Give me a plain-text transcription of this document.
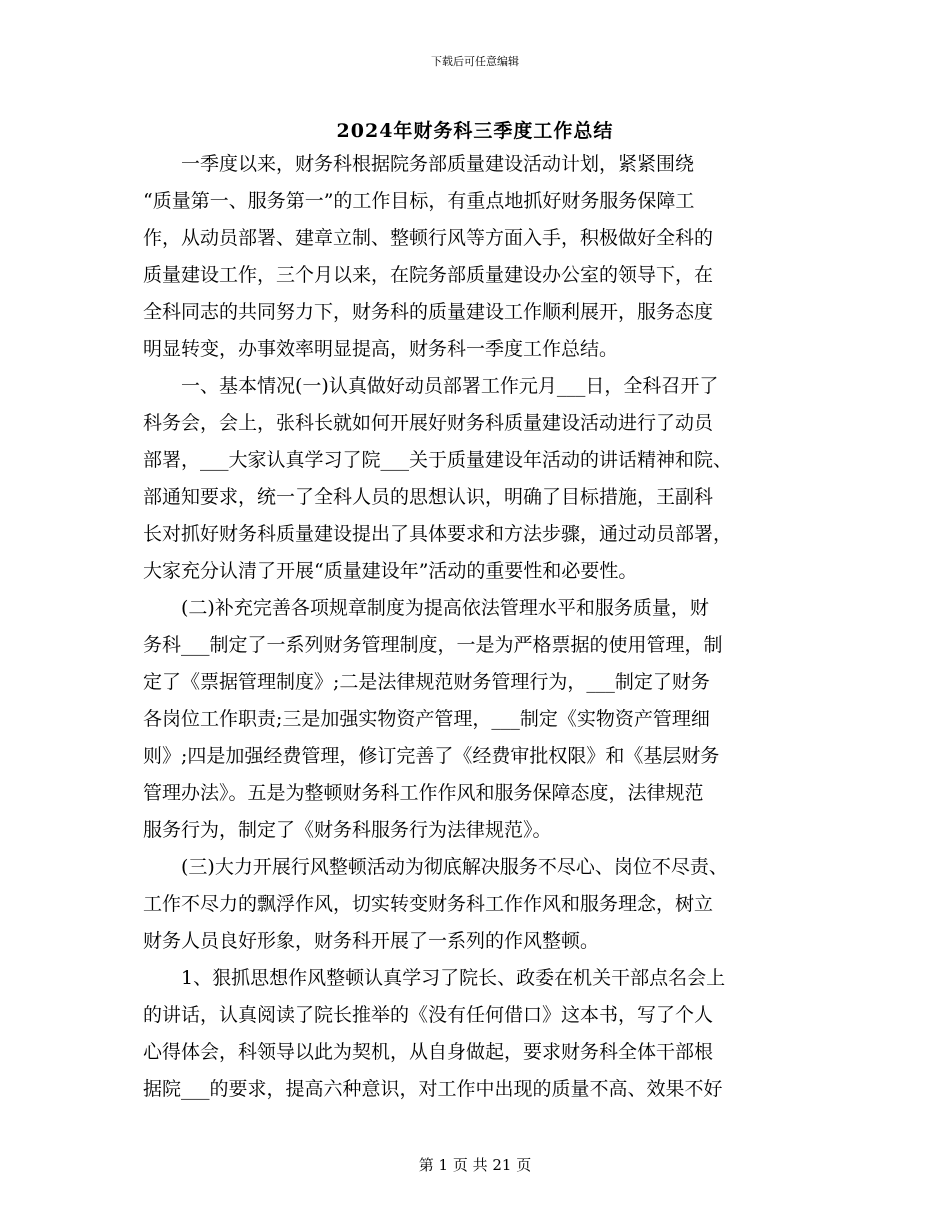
下载后可任意编辑
2024年财务科三季度工作总结
一季度以来，财务科根据院务部质量建设活动计划，紧紧围绕
“质量第一、服务第一”的工作目标，有重点地抓好财务服务保障工
作，从动员部署、建章立制、整顿行风等方面入手，积极做好全科的
质量建设工作，三个月以来，在院务部质量建设办公室的领导下，在
全科同志的共同努力下，财务科的质量建设工作顺利展开，服务态度
明显转变，办事效率明显提高，财务科一季度工作总结。
一、基本情况(一)认真做好动员部署工作元月___日，全科召开了
科务会，会上，张科长就如何开展好财务科质量建设活动进行了动员
部署，___大家认真学习了院___关于质量建设年活动的讲话精神和院、
部通知要求，统一了全科人员的思想认识，明确了目标措施，王副科
长对抓好财务科质量建设提出了具体要求和方法步骤，通过动员部署，
大家充分认清了开展“质量建设年”活动的重要性和必要性。
(二)补充完善各项规章制度为提高依法管理水平和服务质量，财
务科___制定了一系列财务管理制度，一是为严格票据的使用管理，制
定了《票据管理制度》;二是法律规范财务管理行为，___制定了财务
各岗位工作职责;三是加强实物资产管理，___制定《实物资产管理细
则》;四是加强经费管理，修订完善了《经费审批权限》和《基层财务
管理办法》。五是为整顿财务科工作作风和服务保障态度，法律规范
服务行为，制定了《财务科服务行为法律规范》。
(三)大力开展行风整顿活动为彻底解决服务不尽心、岗位不尽责、
工作不尽力的飘浮作风，切实转变财务科工作作风和服务理念，树立
财务人员良好形象，财务科开展了一系列的作风整顿。
1、狠抓思想作风整顿认真学习了院长、政委在机关干部点名会上
的讲话，认真阅读了院长推举的《没有任何借口》这本书，写了个人
心得体会，科领导以此为契机，从自身做起，要求财务科全体干部根
据院___的要求，提高六种意识，对工作中出现的质量不高、效果不好
第 1 页 共 21 页
